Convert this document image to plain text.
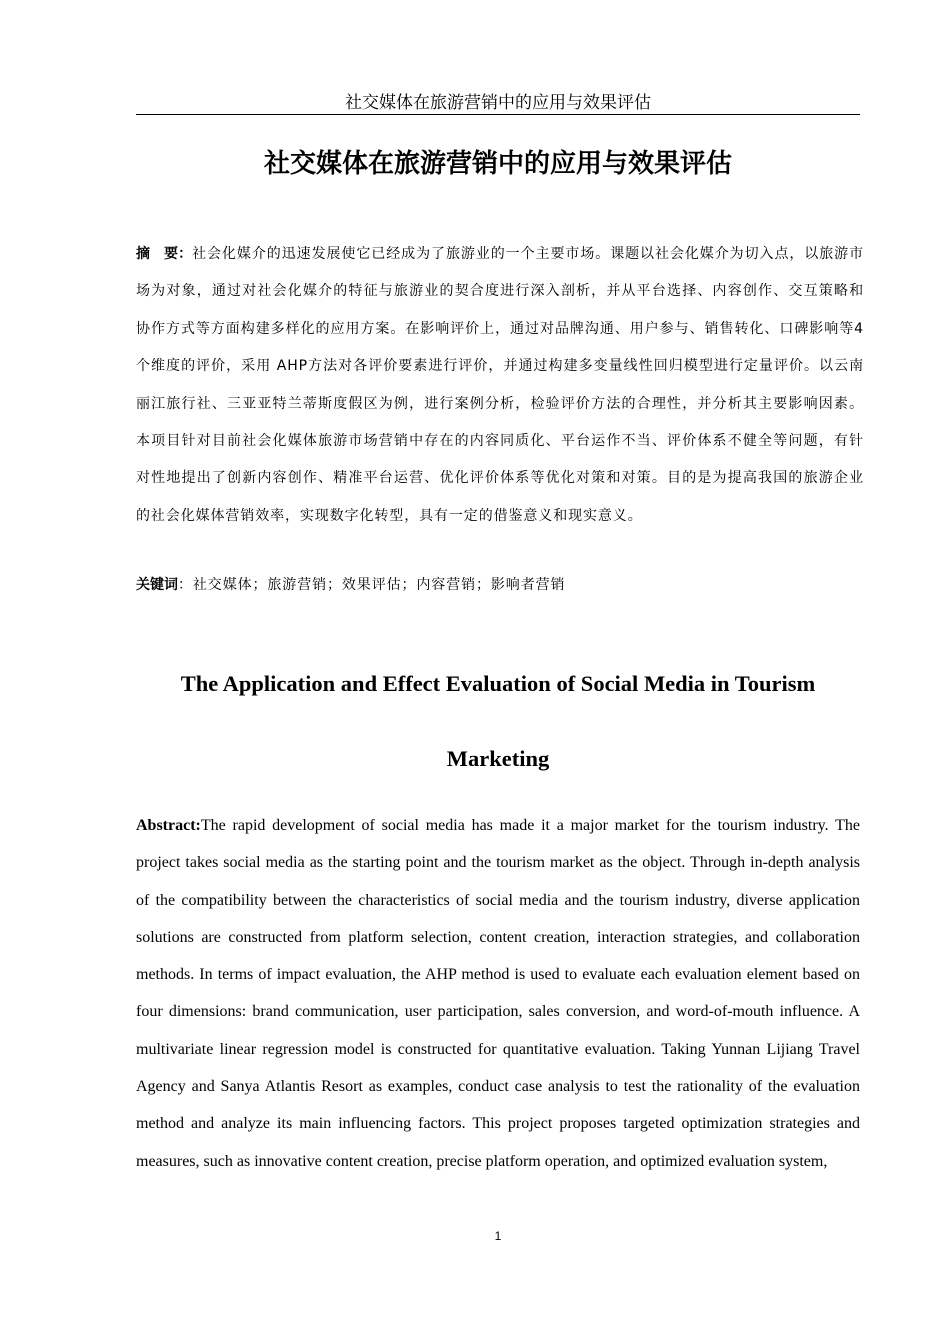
社交媒体在旅游营销中的应用与效果评估
社交媒体在旅游营销中的应用与效果评估
摘　要：社会化媒介的迅速发展使它已经成为了旅游业的一个主要市场。课题以社会化媒介为切入点，以旅游市场为对象，通过对社会化媒介的特征与旅游业的契合度进行深入剖析，并从平台选择、内容创作、交互策略和协作方式等方面构建多样化的应用方案。在影响评价上，通过对品牌沟通、用户参与、销售转化、口碑影响等4个维度的评价，采用 AHP方法对各评价要素进行评价，并通过构建多变量线性回归模型进行定量评价。以云南丽江旅行社、三亚亚特兰蒂斯度假区为例，进行案例分析，检验评价方法的合理性，并分析其主要影响因素。本项目针对目前社会化媒体旅游市场营销中存在的内容同质化、平台运作不当、评价体系不健全等问题，有针对性地提出了创新内容创作、精准平台运营、优化评价体系等优化对策和对策。目的是为提高我国的旅游企业的社会化媒体营销效率，实现数字化转型，具有一定的借鉴意义和现实意义。
关键词：社交媒体；旅游营销；效果评估；内容营销；影响者营销
The Application and Effect Evaluation of Social Media in Tourism Marketing
Abstract:The rapid development of social media has made it a major market for the tourism industry. The project takes social media as the starting point and the tourism market as the object. Through in-depth analysis of the compatibility between the characteristics of social media and the tourism industry, diverse application solutions are constructed from platform selection, content creation, interaction strategies, and collaboration methods. In terms of impact evaluation, the AHP method is used to evaluate each evaluation element based on four dimensions: brand communication, user participation, sales conversion, and word-of-mouth influence. A multivariate linear regression model is constructed for quantitative evaluation. Taking Yunnan Lijiang Travel Agency and Sanya Atlantis Resort as examples, conduct case analysis to test the rationality of the evaluation method and analyze its main influencing factors. This project proposes targeted optimization strategies and measures, such as innovative content creation, precise platform operation, and optimized evaluation system,
1
